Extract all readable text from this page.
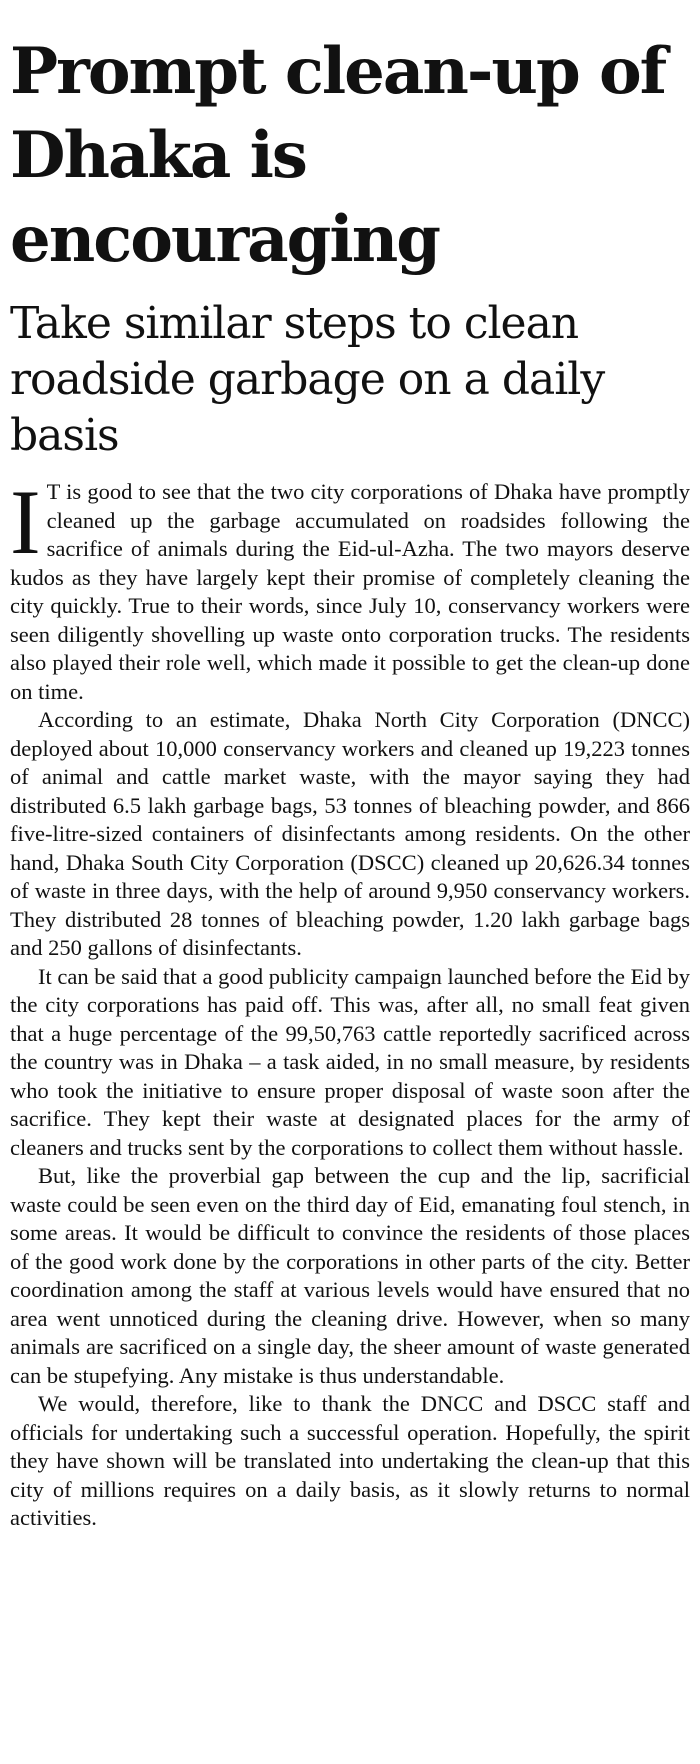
Prompt clean-up of Dhaka is encouraging
Take similar steps to clean roadside garbage on a daily basis

I T is good to see that the two city corporations of Dhaka have promptly cleaned up the garbage accumulated on roadsides following the sacrifice of animals during the Eid-ul-Azha. The two mayors deserve kudos as they have largely kept their promise of completely cleaning the city quickly. True to their words, since July 10, conservancy workers were seen diligently shovelling up waste onto corporation trucks. The residents also played their role well, which made it possible to get the clean-up done on time.

According to an estimate, Dhaka North City Corporation (DNCC) deployed about 10,000 conservancy workers and cleaned up 19,223 tonnes of animal and cattle market waste, with the mayor saying they had distributed 6.5 lakh garbage bags, 53 tonnes of bleaching powder, and 866 five-litre-sized containers of disinfectants among residents. On the other hand, Dhaka South City Corporation (DSCC) cleaned up 20,626.34 tonnes of waste in three days, with the help of around 9,950 conservancy workers. They distributed 28 tonnes of bleaching powder, 1.20 lakh garbage bags and 250 gallons of disinfectants.

It can be said that a good publicity campaign launched before the Eid by the city corporations has paid off. This was, after all, no small feat given that a huge percentage of the 99,50,763 cattle reportedly sacrificed across the country was in Dhaka – a task aided, in no small measure, by residents who took the initiative to ensure proper disposal of waste soon after the sacrifice. They kept their waste at designated places for the army of cleaners and trucks sent by the corporations to collect them without hassle.

But, like the proverbial gap between the cup and the lip, sacrificial waste could be seen even on the third day of Eid, emanating foul stench, in some areas. It would be difficult to convince the residents of those places of the good work done by the corporations in other parts of the city. Better coordination among the staff at various levels would have ensured that no area went unnoticed during the cleaning drive. However, when so many animals are sacrificed on a single day, the sheer amount of waste generated can be stupefying. Any mistake is thus understandable.

We would, therefore, like to thank the DNCC and DSCC staff and officials for undertaking such a successful operation. Hopefully, the spirit they have shown will be translated into undertaking the clean-up that this city of millions requires on a daily basis, as it slowly returns to normal activities.
